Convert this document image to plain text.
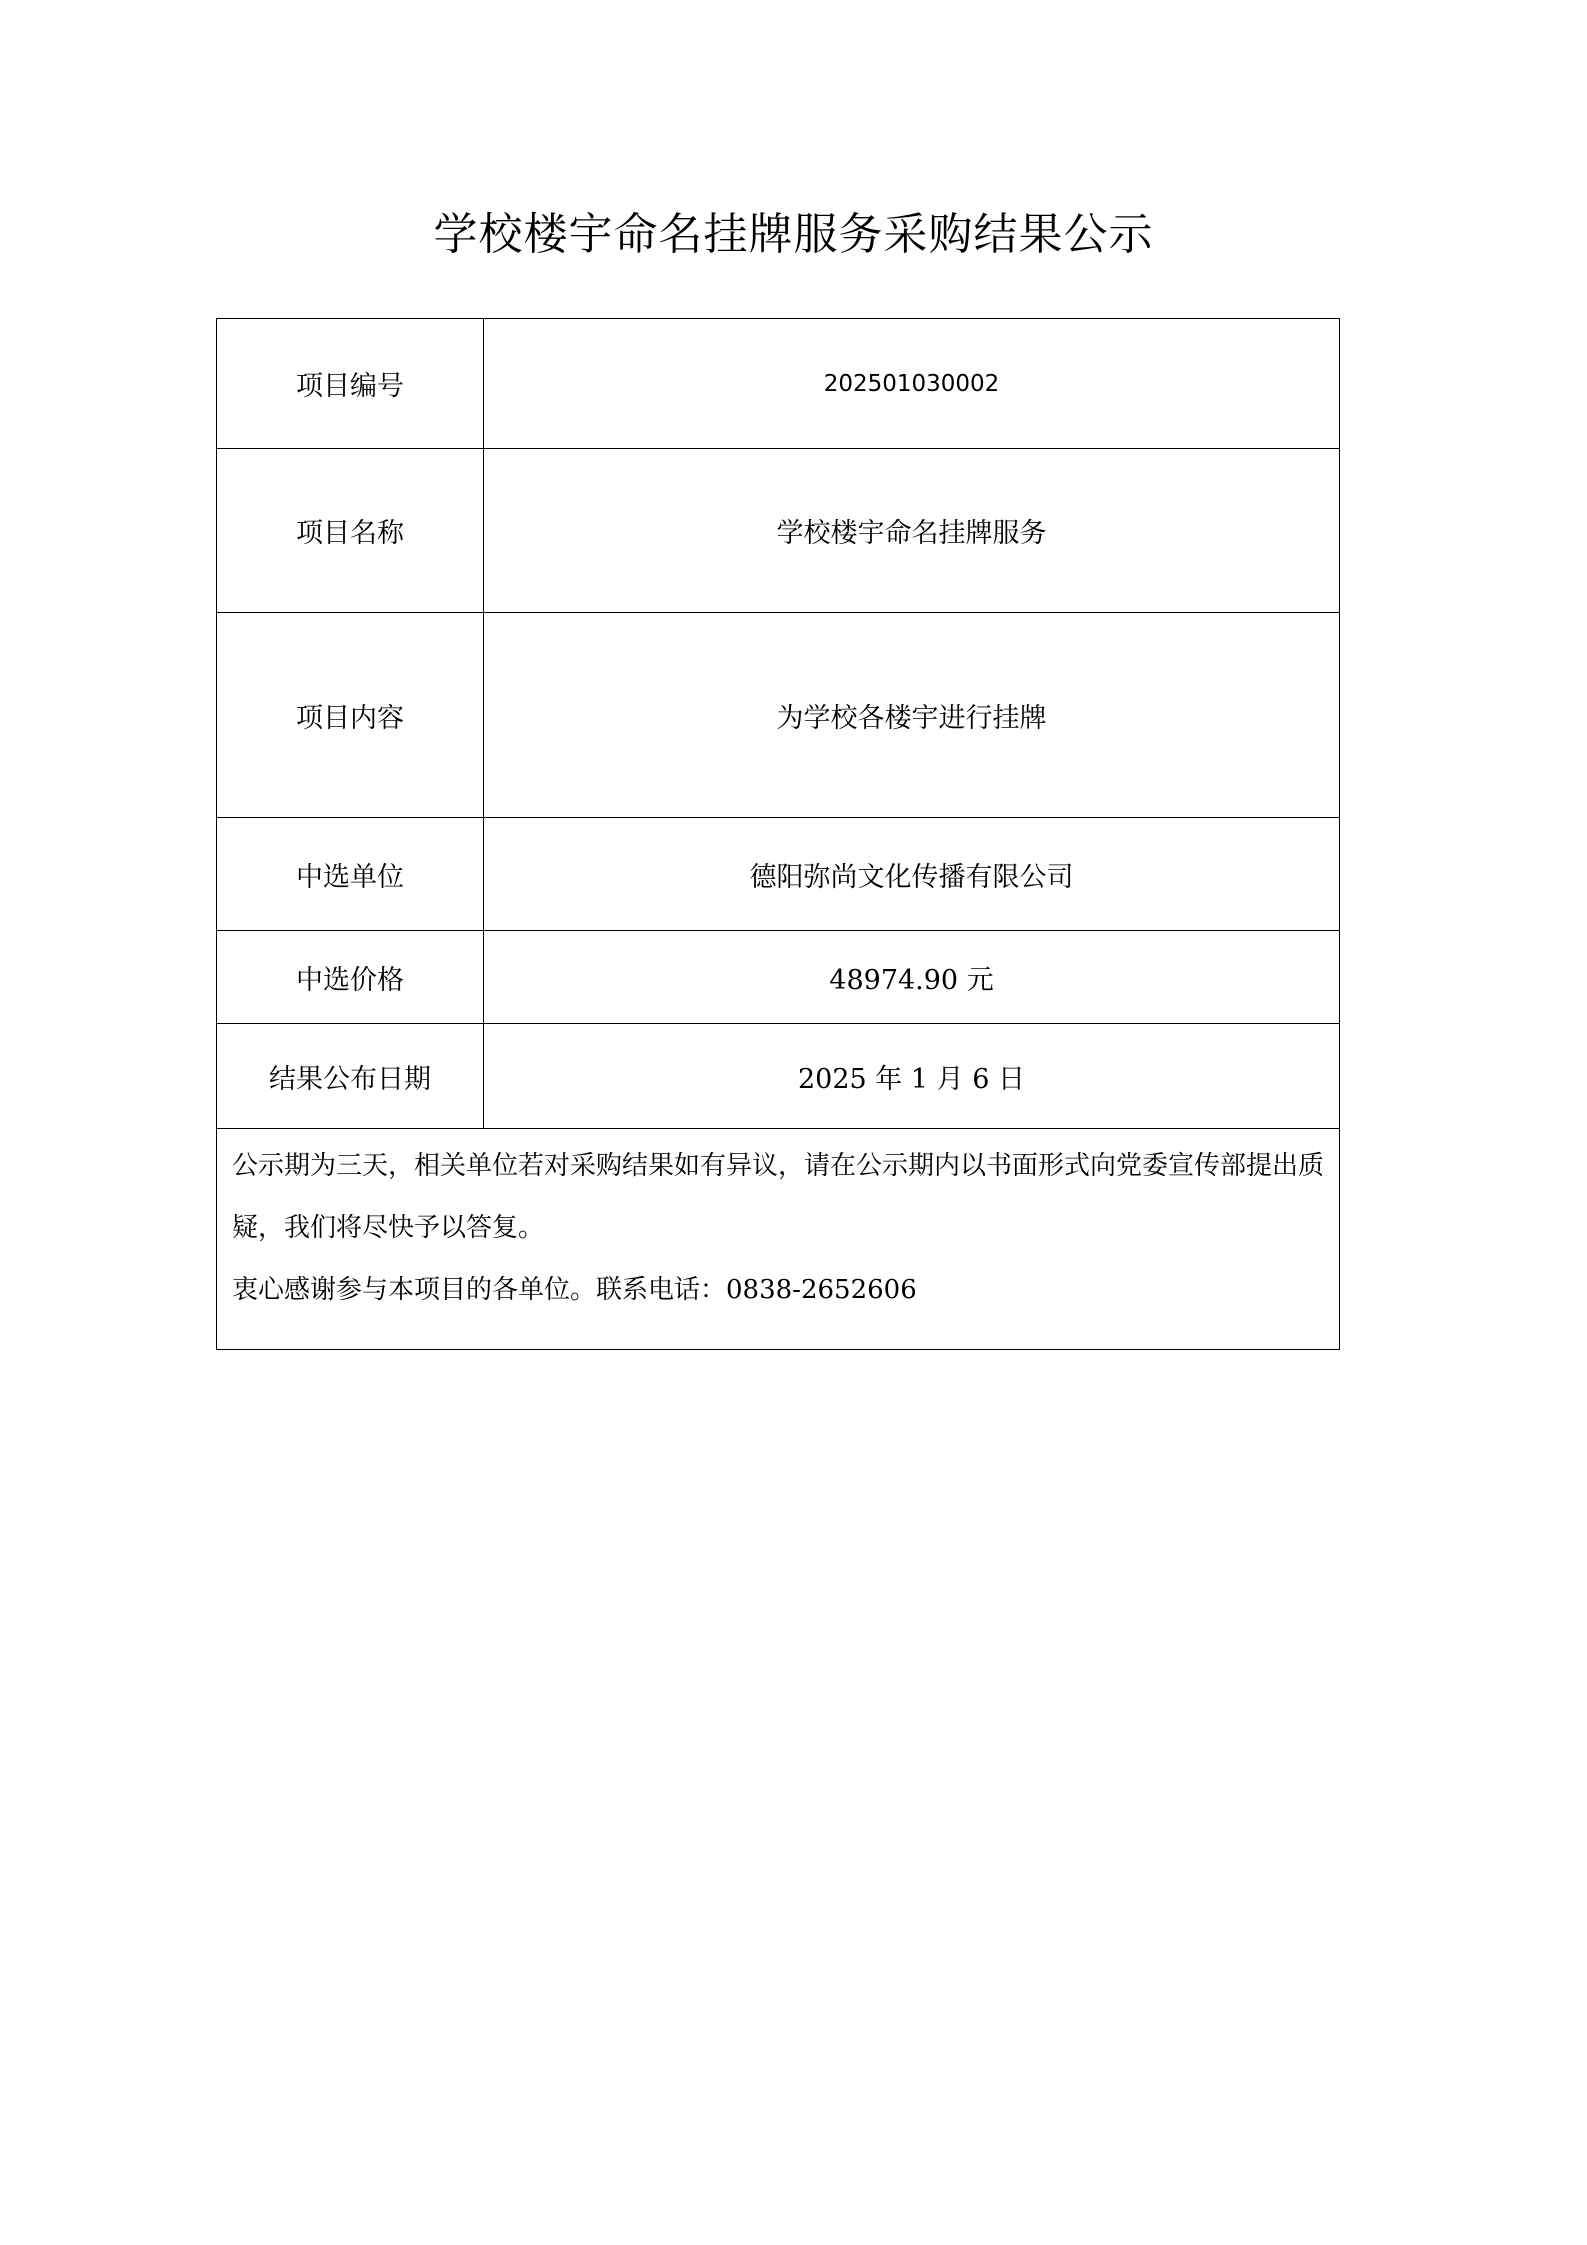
学校楼宇命名挂牌服务采购结果公示
项目编号	202501030002
项目名称	学校楼宇命名挂牌服务
项目内容	为学校各楼宇进行挂牌
中选单位	德阳弥尚文化传播有限公司
中选价格	48974.90 元
结果公布日期	2025 年 1 月 6 日

公示期为三天，相关单位若对采购结果如有异议，请在公示期内以书面形式向党委宣传部提出质疑，我们将尽快予以答复。
衷心感谢参与本项目的各单位。联系电话：0838-2652606	
